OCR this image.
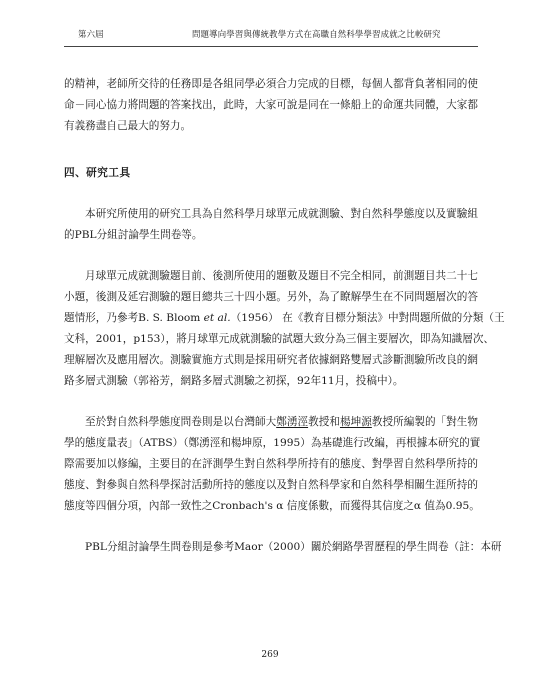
第六屆	問題導向學習與傳統教學方式在高職自然科學學習成就之比較研究

的精神，老師所交待的任務即是各組同學必須合力完成的目標，每個人都背負著相同的使
命－同心協力將問題的答案找出，此時，大家可說是同在一條船上的命運共同體，大家都
有義務盡自己最大的努力。

四、研究工具

本研究所使用的研究工具為自然科學月球單元成就測驗、對自然科學態度以及實驗組
的PBL分組討論學生問卷等。

月球單元成就測驗題目前、後測所使用的題數及題目不完全相同，前測題目共二十七
小題，後測及延宕測驗的題目總共三十四小題。另外，為了瞭解學生在不同問題層次的答
題情形，乃參考B. S. Bloom et al.（1956） 在《教育目標分類法》中對問題所做的分類（王
文科，2001，p153），將月球單元成就測驗的試題大致分為三個主要層次，即為知識層次、
理解層次及應用層次。測驗實施方式則是採用研究者依據網路雙層式診斷測驗所改良的網
路多層式測驗（郭裕芳，網路多層式測驗之初探，92年11月，投稿中）。

至於對自然科學態度問卷則是以台灣師大鄭湧涇教授和楊坤源教授所編製的「對生物
學的態度量表」（ATBS）（鄭湧涇和楊坤原，1995）為基礎進行改編，再根據本研究的實
際需要加以修編，主要目的在評測學生對自然科學所持有的態度、對學習自然科學所持的
態度、對參與自然科學探討活動所持的態度以及對自然科學家和自然科學相關生涯所持的
態度等四個分項，內部一致性之Cronbach's α 信度係數，而獲得其信度之α 值為0.95。

PBL分組討論學生問卷則是參考Maor（2000）關於網路學習歷程的學生問卷（註：本研

269
